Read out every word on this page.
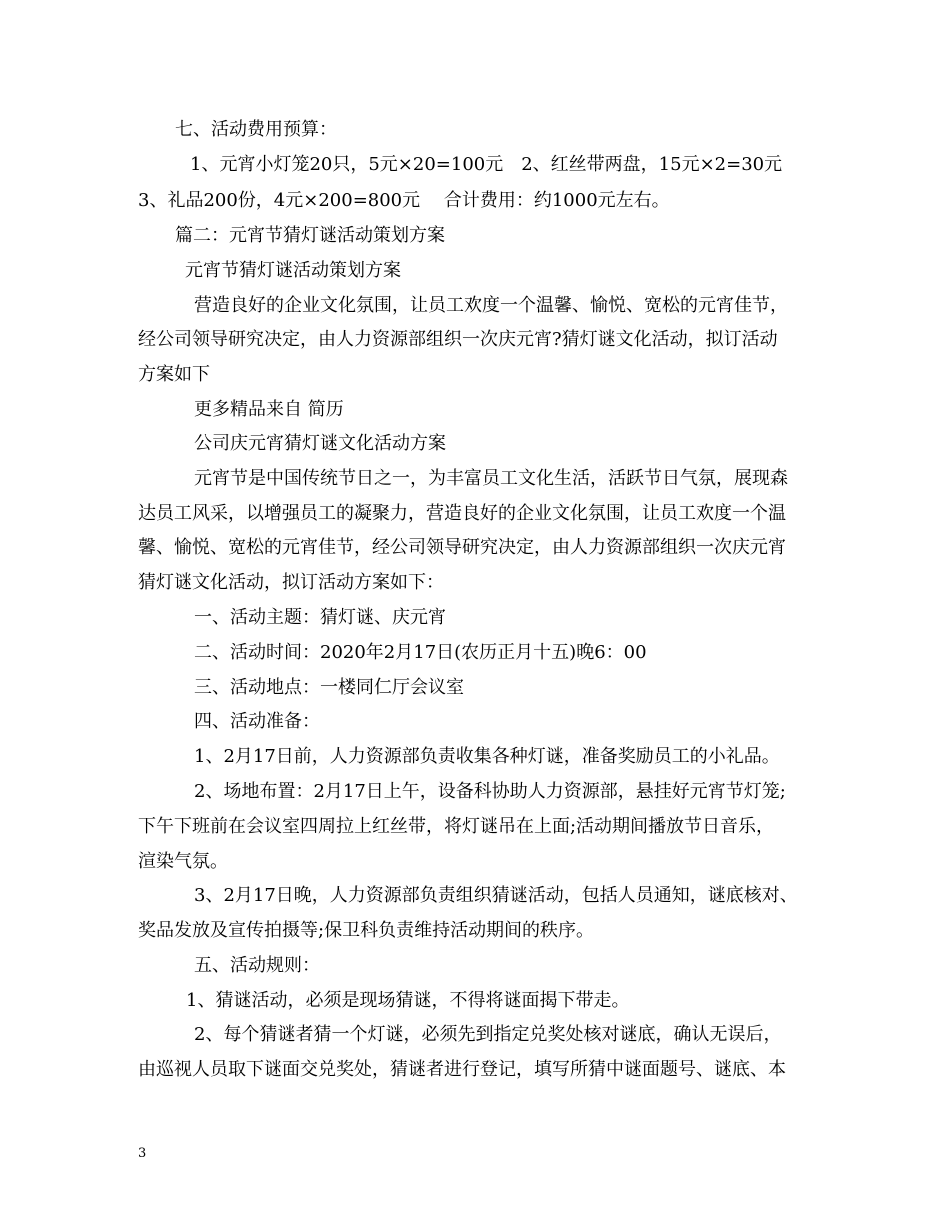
七、活动费用预算：
1、元宵小灯笼20只，5元×20=100元　2、红丝带两盘，15元×2=30元
3、礼品200份，4元×200=800元　 合计费用：约1000元左右。
篇二：元宵节猜灯谜活动策划方案
元宵节猜灯谜活动策划方案
营造良好的企业文化氛围，让员工欢度一个温馨、愉悦、宽松的元宵佳节，
经公司领导研究决定，由人力资源部组织一次庆元宵?猜灯谜文化活动，拟订活动
方案如下
更多精品来自 简历
公司庆元宵猜灯谜文化活动方案
元宵节是中国传统节日之一，为丰富员工文化生活，活跃节日气氛，展现森
达员工风采，以增强员工的凝聚力，营造良好的企业文化氛围，让员工欢度一个温
馨、愉悦、宽松的元宵佳节，经公司领导研究决定，由人力资源部组织一次庆元宵
猜灯谜文化活动，拟订活动方案如下：
一、活动主题：猜灯谜、庆元宵
二、活动时间：2020年2月17日(农历正月十五)晚6：00
三、活动地点：一楼同仁厅会议室
四、活动准备：
1、2月17日前，人力资源部负责收集各种灯谜，准备奖励员工的小礼品。
2、场地布置：2月17日上午，设备科协助人力资源部，悬挂好元宵节灯笼;
下午下班前在会议室四周拉上红丝带，将灯谜吊在上面;活动期间播放节日音乐，
渲染气氛。
3、2月17日晚，人力资源部负责组织猜谜活动，包括人员通知，谜底核对、
奖品发放及宣传拍摄等;保卫科负责维持活动期间的秩序。
五、活动规则：
1、猜谜活动，必须是现场猜谜，不得将谜面揭下带走。
2、每个猜谜者猜一个灯谜，必须先到指定兑奖处核对谜底，确认无误后，
由巡视人员取下谜面交兑奖处，猜谜者进行登记，填写所猜中谜面题号、谜底、本
3
